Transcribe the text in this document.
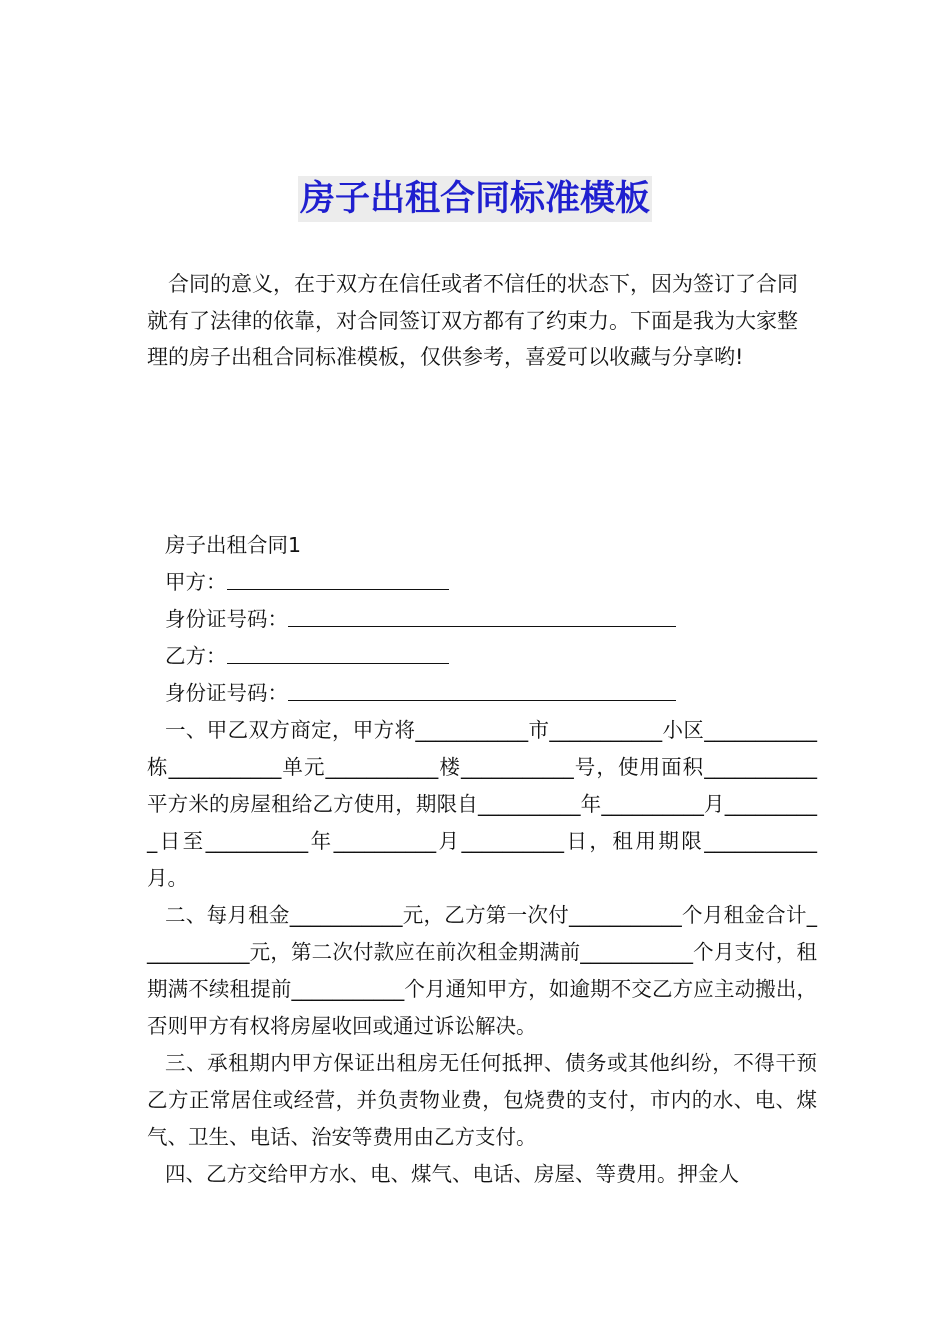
房子出租合同标准模板

合同的意义，在于双方在信任或者不信任的状态下，因为签订了合同就有了法律的依靠，对合同签订双方都有了约束力。下面是我为大家整理的房子出租合同标准模板，仅供参考，喜爱可以收藏与分享哟!

房子出租合同1

甲方：

身份证号码：

乙方：

身份证号码：

一、甲乙双方商定，甲方将___________市___________小区___________栋___________单元___________楼___________号，使用面积___________平方米的房屋租给乙方使用，期限自__________年__________月__________日至__________年__________月__________日，租用期限___________月。

二、每月租金___________元，乙方第一次付___________个月租金合计___________元，第二次付款应在前次租金期满前___________个月支付，租期满不续租提前___________个月通知甲方，如逾期不交乙方应主动搬出，否则甲方有权将房屋收回或通过诉讼解决。

三、承租期内甲方保证出租房无任何抵押、债务或其他纠纷，不得干预乙方正常居住或经营，并负责物业费，包烧费的支付，市内的水、电、煤气、卫生、电话、治安等费用由乙方支付。

四、乙方交给甲方水、电、煤气、电话、房屋、等费用。押金人
